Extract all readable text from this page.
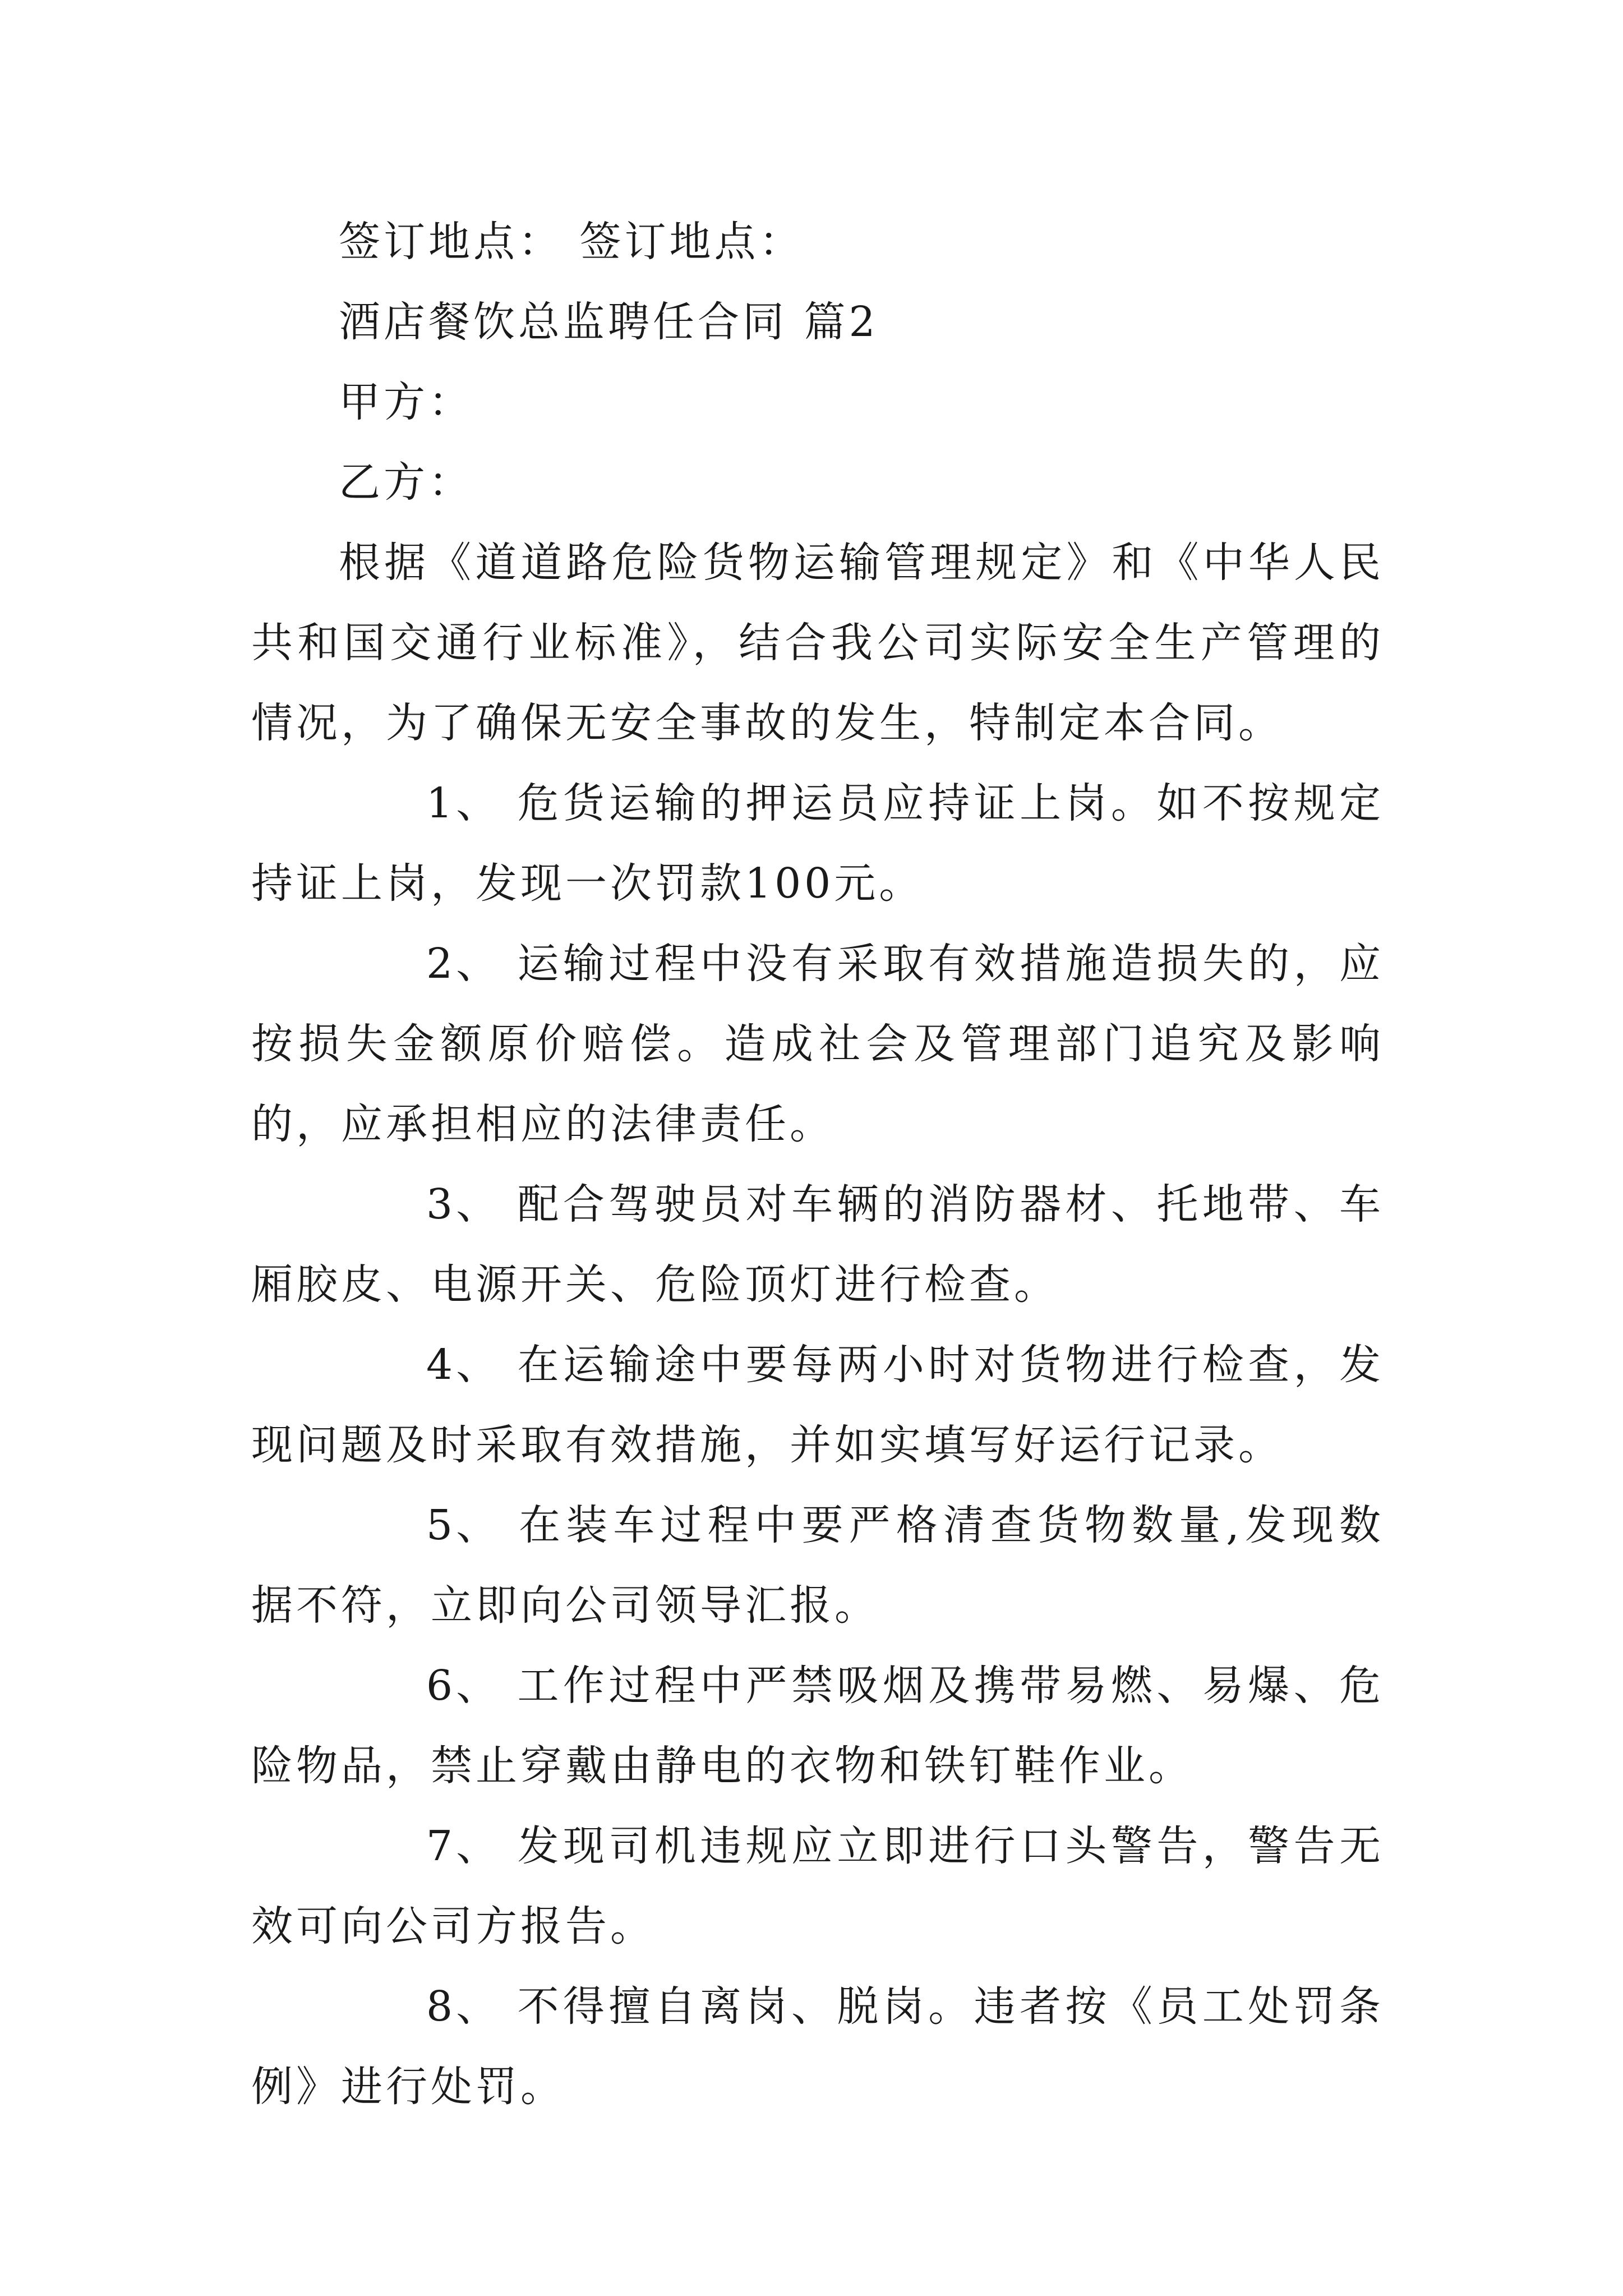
签订地点： 签订地点：

酒店餐饮总监聘任合同 篇2

甲方：

乙方：

根据《道道路危险货物运输管理规定》和《中华人民共和国交通行业标准》，结合我公司实际安全生产管理的情况，为了确保无安全事故的发生，特制定本合同。

1、 危货运输的押运员应持证上岗。如不按规定持证上岗，发现一次罚款100元。

2、 运输过程中没有采取有效措施造损失的，应按损失金额原价赔偿。造成社会及管理部门追究及影响的，应承担相应的法律责任。

3、 配合驾驶员对车辆的消防器材、托地带、车厢胶皮、电源开关、危险顶灯进行检查。

4、 在运输途中要每两小时对货物进行检查，发现问题及时采取有效措施，并如实填写好运行记录。

5、 在装车过程中要严格清查货物数量,发现数据不符，立即向公司领导汇报。

6、 工作过程中严禁吸烟及携带易燃、易爆、危险物品，禁止穿戴由静电的衣物和铁钉鞋作业。

7、 发现司机违规应立即进行口头警告，警告无效可向公司方报告。

8、 不得擅自离岗、脱岗。违者按《员工处罚条例》进行处罚。
